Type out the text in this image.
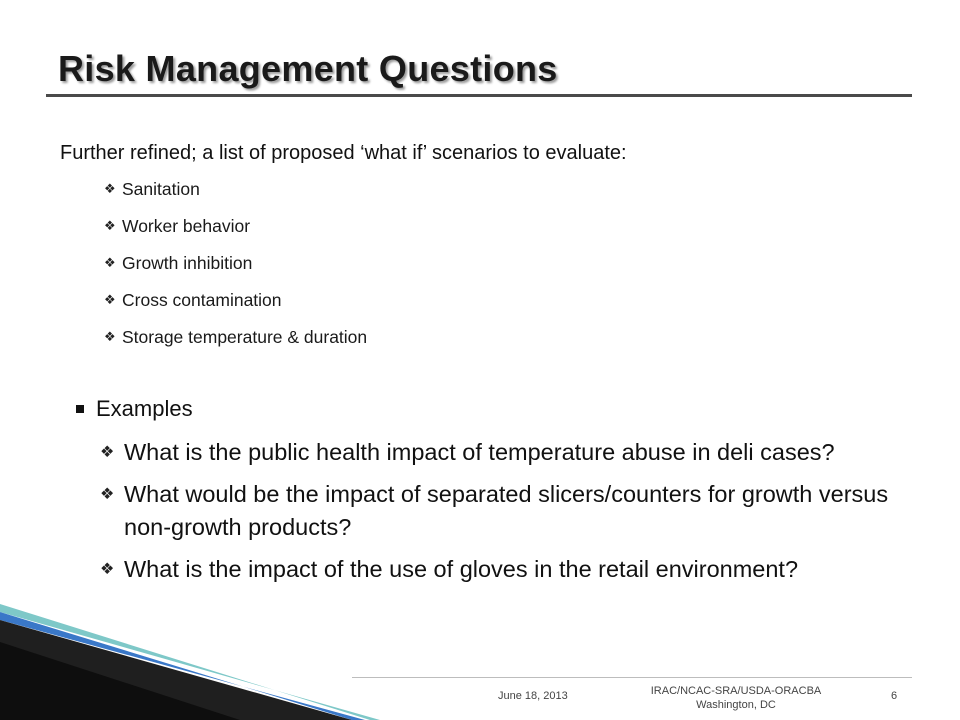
Risk Management Questions
Further refined; a list of proposed ‘what if’ scenarios to evaluate:
❖ Sanitation
❖ Worker behavior
❖ Growth inhibition
❖ Cross contamination
❖ Storage temperature & duration
Examples
❖ What is the public health impact of temperature abuse in deli cases?
❖ What would be the impact of separated slicers/counters for growth versus non-growth products?
❖ What is the impact of the use of gloves in the retail environment?
June 18, 2013	IRAC/NCAC-SRA/USDA-ORACBA
Washington, DC
6
